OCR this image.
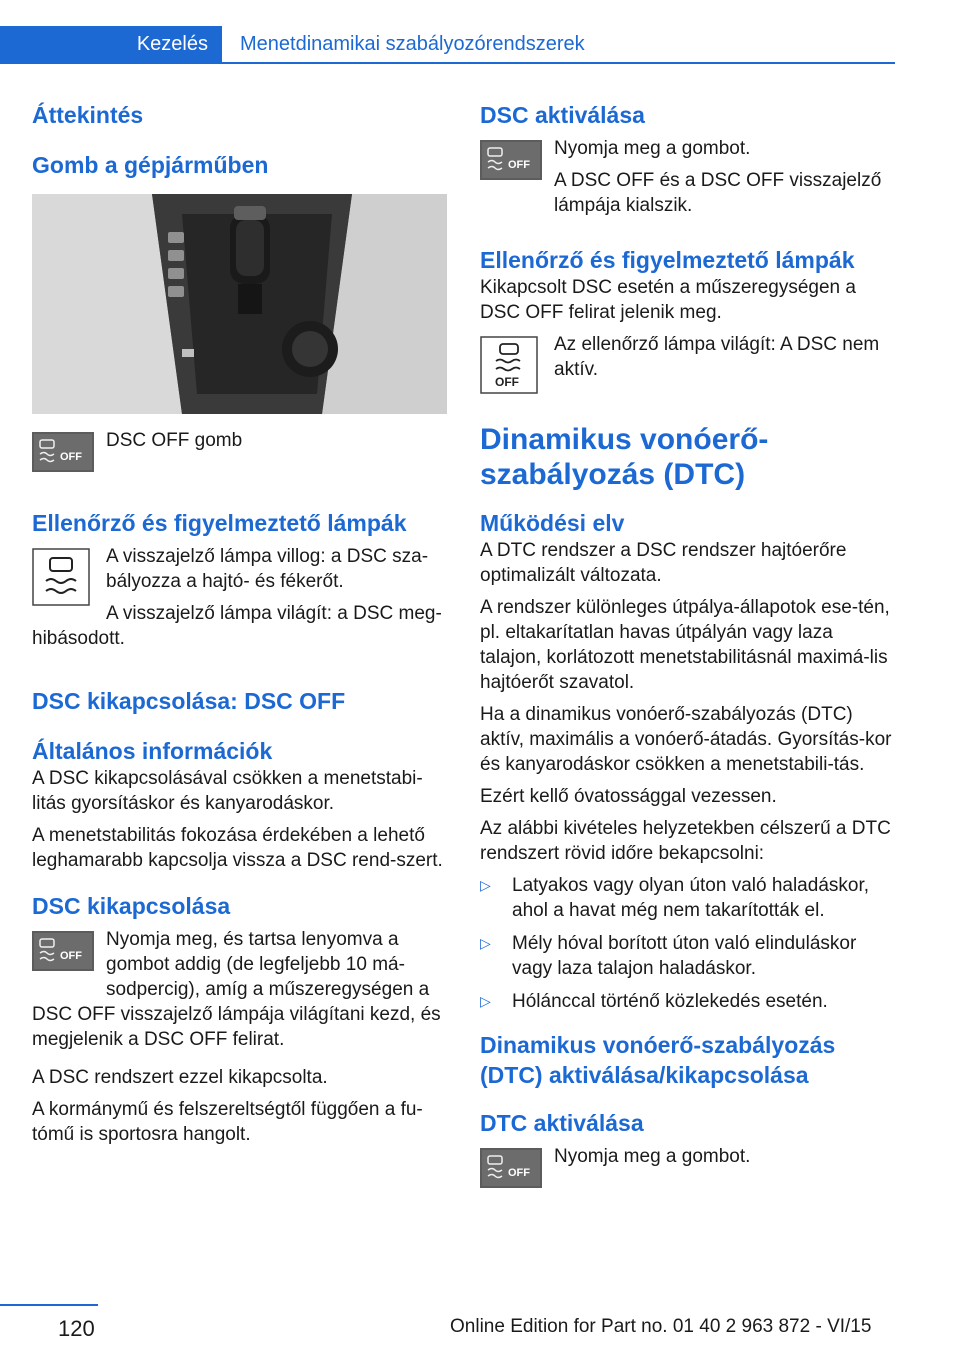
Kezelés	Menetdinamikai szabályozórendszerek
Áttekintés
Gomb a gépjárműben
OFF

DSC OFF gomb

Ellenőrző és figyelmeztető lámpák

A visszajelző lámpa villog: a DSC sza-bályozza a hajtó- és fékerőt.

A visszajelző lámpa világít: a DSC meg-hibásodott.

DSC kikapcsolása: DSC OFF
Általános információk

A DSC kikapcsolásával csökken a menetstabi-litás gyorsításkor és kanyarodáskor.

A menetstabilitás fokozása érdekében a lehető leghamarabb kapcsolja vissza a DSC rend-szert.

DSC kikapcsolása
OFF

Nyomja meg, és tartsa lenyomva a gombot addig (de legfeljebb 10 má-sodpercig), amíg a műszeregységen a DSC OFF visszajelző lámpája világítani kezd, és megjelenik a DSC OFF felirat.

A DSC rendszert ezzel kikapcsolta.

A kormánymű és felszereltségtől függően a fu-tómű is sportosra hangolt.

DSC aktiválása
OFF

Nyomja meg a gombot.

A DSC OFF és a DSC OFF visszajelző lámpája kialszik.

Ellenőrző és figyelmeztető lámpák

Kikapcsolt DSC esetén a műszeregységen a DSC OFF felirat jelenik meg.

OFF

Az ellenőrző lámpa világít: A DSC nem aktív.

Dinamikus vonóerő-szabályozás (DTC)
Működési elv

A DTC rendszer a DSC rendszer hajtóerőre optimalizált változata.

A rendszer különleges útpálya-állapotok ese-tén, pl. eltakarítatlan havas útpályán vagy laza talajon, korlátozott menetstabilitásnál maximá-lis hajtóerőt szavatol.

Ha a dinamikus vonóerő-szabályozás (DTC) aktív, maximális a vonóerő-átadás. Gyorsítás-kor és kanyarodáskor csökken a menetstabili-tás.

Ezért kellő óvatossággal vezessen.

Az alábbi kivételes helyzetekben célszerű a DTC rendszert rövid időre bekapcsolni:

▷ Latyakos vagy olyan úton való haladáskor, ahol a havat még nem takarították el.
▷ Mély hóval borított úton való elinduláskor vagy laza talajon haladáskor.
▷ Hólánccal történő közlekedés esetén.
Dinamikus vonóerő-szabályozás (DTC) aktiválása/kikapcsolása
DTC aktiválása
OFF

Nyomja meg a gombot.

120	Online Edition for Part no. 01 40 2 963 872 - VI/15
